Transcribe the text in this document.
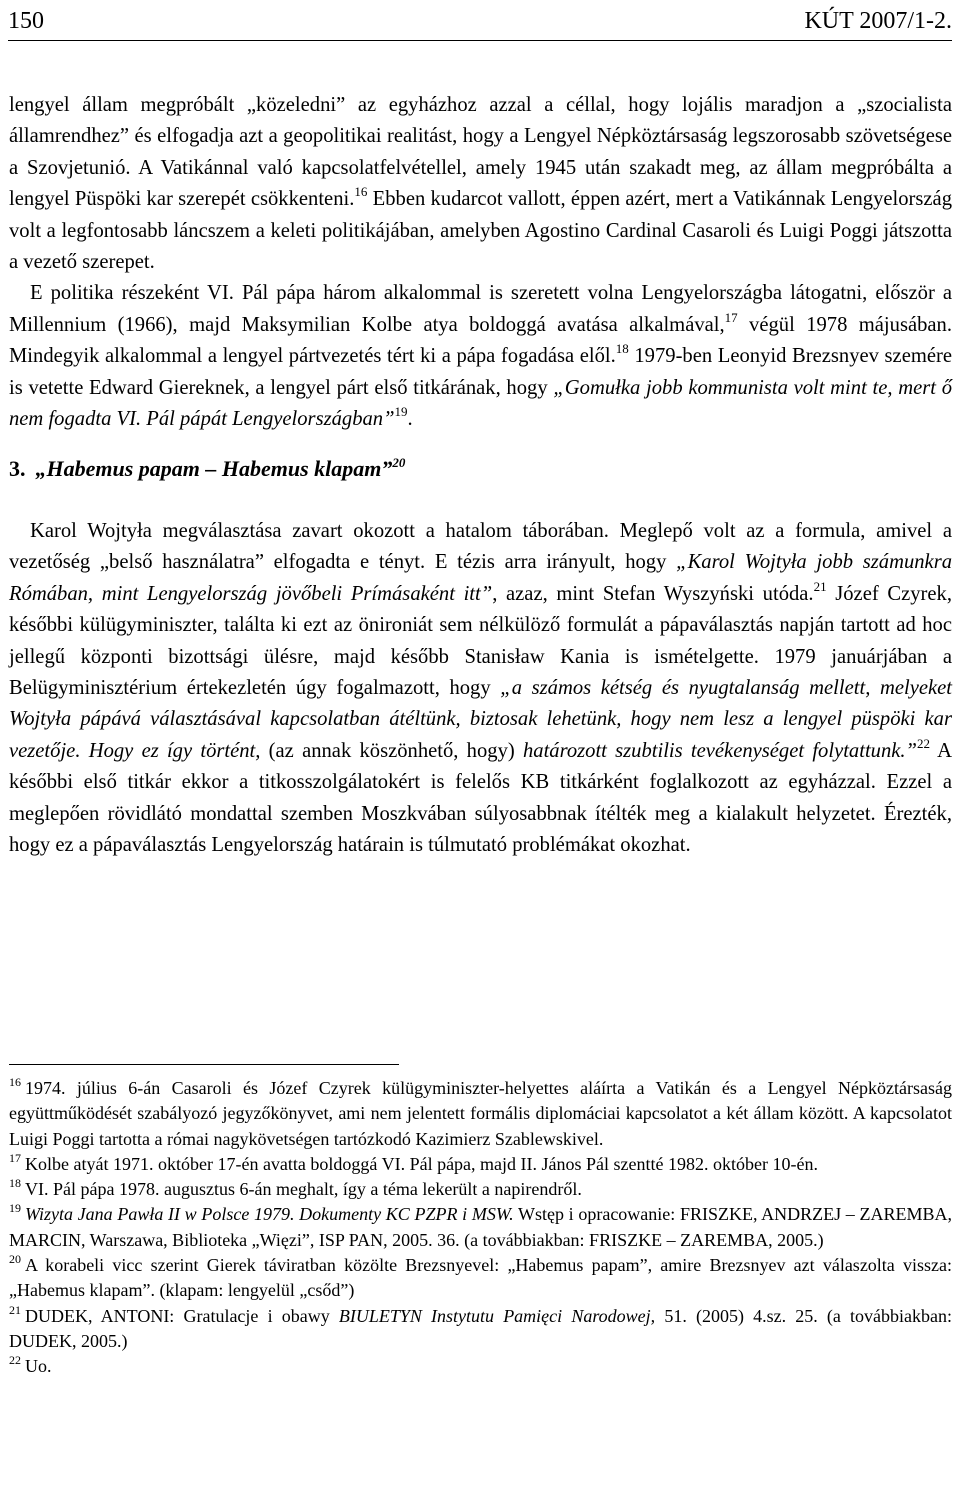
150	KÚT 2007/1-2.

lengyel állam megpróbált „közeledni” az egyházhoz azzal a céllal, hogy lojális maradjon a „szocialista államrendhez” és elfogadja azt a geopolitikai realitást, hogy a Lengyel Népköztársaság legszorosabb szövetségese a Szovjetunió. A Vatikánnal való kapcsolatfelvétellel, amely 1945 után szakadt meg, az állam megpróbálta a lengyel Püspöki kar szerepét csökkenteni.$^{16}$ Ebben kudarcot vallott, éppen azért, mert a Vatikánnak Lengyelország volt a legfontosabb láncszem a keleti politikájában, amelyben Agostino Cardinal Casaroli és Luigi Poggi játszotta a vezető szerepet.

E politika részeként VI. Pál pápa három alkalommal is szeretett volna Lengyelországba látogatni, először a Millennium (1966), majd Maksymilian Kolbe atya boldoggá avatása alkalmával,$^{17}$ végül 1978 májusában. Mindegyik alkalommal a lengyel pártvezetés tért ki a pápa fogadása elől.$^{18}$ 1979-ben Leonyid Brezsnyev szemére is vetette Edward Giereknek, a lengyel párt első titkárának, hogy „Gomułka jobb kommunista volt mint te, mert ő nem fogadta VI. Pál pápát Lengyelországban”$^{19}$.

3. „Habemus papam – Habemus klapam”$^{20}$

Karol Wojtyła megválasztása zavart okozott a hatalom táborában. Meglepő volt az a formula, amivel a vezetőség „belső használatra” elfogadta e tényt. E tézis arra irányult, hogy „Karol Wojtyła jobb számunkra Rómában, mint Lengyelország jövőbeli Prímásaként itt”, azaz, mint Stefan Wyszyński utóda.$^{21}$ Józef Czyrek, későbbi külügyminiszter, találta ki ezt az önironiát sem nélkülöző formulát a pápaválasztás napján tartott ad hoc jellegű központi bizottsági ülésre, majd később Stanisław Kania is ismételgette. 1979 januárjában a Belügyminisztérium értekezletén úgy fogalmazott, hogy „a számos kétség és nyugtalanság mellett, melyeket Wojtyła pápává választásával kapcsolatban átéltünk, biztosak lehetünk, hogy nem lesz a lengyel püspöki kar vezetője. Hogy ez így történt, (az annak köszönhető, hogy) határozott szubtilis tevékenységet folytattunk.”$^{22}$ A későbbi első titkár ekkor a titkosszolgálatokért is felelős KB titkárként foglalkozott az egyházzal. Ezzel a meglepően rövidlátó mondattal szemben Moszkvában súlyosabbnak ítélték meg a kialakult helyzetet. Érezték, hogy ez a pápaválasztás Lengyelország határain is túlmutató problémákat okozhat.

$^{16}$ 1974. július 6-án Casaroli és Józef Czyrek külügyminiszter-helyettes aláírta a Vatikán és a Lengyel Népköztársaság együttműködését szabályozó jegyzőkönyvet, ami nem jelentett formális diplomáciai kapcsolatot a két állam között. A kapcsolatot Luigi Poggi tartotta a római nagykövetségen tartózkodó Kazimierz Szablewskivel.

$^{17}$ Kolbe atyát 1971. október 17-én avatta boldoggá VI. Pál pápa, majd II. János Pál szentté 1982. október 10-én.

$^{18}$ VI. Pál pápa 1978. augusztus 6-án meghalt, így a téma lekerült a napirendről.

$^{19}$ Wizyta Jana Pawła II w Polsce 1979. Dokumenty KC PZPR i MSW. Wstęp i opracowanie: FRISZKE, ANDRZEJ – ZAREMBA, MARCIN, Warszawa, Biblioteka „Więzi”, ISP PAN, 2005. 36. (a továbbiakban: FRISZKE – ZAREMBA, 2005.)

$^{20}$ A korabeli vicc szerint Gierek táviratban közölte Brezsnyevel: „Habemus papam”, amire Brezsnyev azt válaszolta vissza: „Habemus klapam”. (klapam: lengyelül „csőd”)

$^{21}$ DUDEK, ANTONI: Gratulacje i obawy BIULETYN Instytutu Pamięci Narodowej, 51. (2005) 4.sz. 25. (a továbbiakban: DUDEK, 2005.)

$^{22}$ Uo.
